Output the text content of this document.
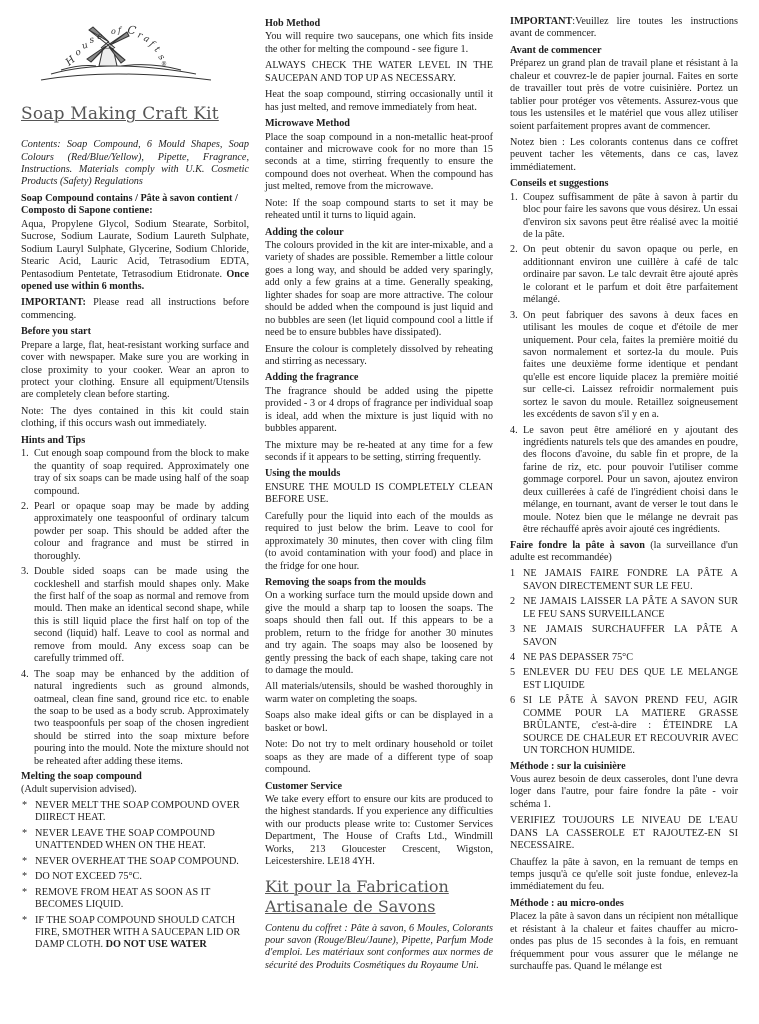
H
o
u s e
o f C
r
a
f
t
s
®
Soap Making Craft Kit

Contents: Soap Compound, 6 Mould Shapes, Soap Colours (Red/Blue/Yellow), Pipette, Fragrance, Instructions. Materials comply with U.K. Cosmetic Products (Safety) Regulations

Soap Compound contains / Pâte à savon contient / Composto di Sapone contiene:

Aqua, Propylene Glycol, Sodium Stearate, Sorbitol, Sucrose, Sodium Laurate, Sodium Laureth Sulphate, Sodium Lauryl Sulphate, Glycerine, Sodium Chloride, Stearic Acid, Lauric Acid, Tetrasodium EDTA, Pentasodium Pentetate, Tetrasodium Etidronate. Once opened use within 6 months.

IMPORTANT: Please read all instructions before commencing.

Before you start

Prepare a large, flat, heat-resistant working surface and cover with newspaper. Make sure you are working in close proximity to your cooker. Wear an apron to protect your clothing. Ensure all equipment/Utensils are completely clean before starting.

Note: The dyes contained in this kit could stain clothing, if this occurs wash out immediately.

Hints and Tips
1. Cut enough soap compound from the block to make the quantity of soap required. Approximately one tray of six soaps can be made using half of the soap compound.
2. Pearl or opaque soap may be made by adding approximately one teaspoonful of ordinary talcum powder per soap. This should be added after the colour and fragrance and must be stirred in thoroughly.
3. Double sided soaps can be made using the cockleshell and starfish mould shapes only. Make the first half of the soap as normal and remove from mould. Then make an identical second shape, while this is still liquid place the first half on top of the second (liquid) half. Leave to cool as normal and remove from mould. Any excess soap can be carefully trimmed off.
4. The soap may be enhanced by the addition of natural ingredients such as ground almonds, oatmeal, clean fine sand, ground rice etc. to enable the soap to be used as a body scrub. Approximately two teaspoonfuls per soap of the chosen ingredient should be stirred into the soap mixture before pouring into the mould. Note the mixture should not be reheated after adding these items.
Melting the soap compound

(Adult supervision advised).

* NEVER MELT THE SOAP COMPOUND OVER DIIRECT HEAT.
* NEVER LEAVE THE SOAP COMPOUND UNATTENDED WHEN ON THE HEAT.
* NEVER OVERHEAT THE SOAP COMPOUND.
* DO NOT EXCEED 75°C.
* REMOVE FROM HEAT AS SOON AS IT BECOMES LIQUID.
* IF THE SOAP COMPOUND SHOULD CATCH FIRE, SMOTHER WITH A SAUCEPAN LID OR DAMP CLOTH. DO NOT USE WATER
Hob Method

You will require two saucepans, one which fits inside the other for melting the compound - see figure 1.

ALWAYS CHECK THE WATER LEVEL IN THE SAUCEPAN AND TOP UP AS NECESSARY.

Heat the soap compound, stirring occasionally until it has just melted, and remove immediately from heat.

Microwave Method

Place the soap compound in a non-metallic heat-proof container and microwave cook for no more than 15 seconds at a time, stirring frequently to ensure the compound does not overheat. When the compound has just melted, remove from the microwave.

Note: If the soap compound starts to set it may be reheated until it turns to liquid again.

Adding the colour

The colours provided in the kit are inter-mixable, and a variety of shades are possible. Remember a little colour goes a long way, and should be added very sparingly, add only a few grains at a time. Generally speaking, lighter shades for soap are more attractive. The colour should be added when the compound is just liquid and no bubbles are seen (let liquid compound cool a little if need be to ensure bubbles have dissipated).

Ensure the colour is completely dissolved by reheating and stirring as necessary.

Adding the fragrance

The fragrance should be added using the pipette provided - 3 or 4 drops of fragrance per individual soap is ideal, add when the mixture is just liquid with no bubbles apparent.

The mixture may be re-heated at any time for a few seconds if it appears to be setting, stirring frequently.

Using the moulds

ENSURE THE MOULD IS COMPLETELY CLEAN BEFORE USE.

Carefully pour the liquid into each of the moulds as required to just below the brim. Leave to cool for approximately 30 minutes, then cover with cling film (to avoid contamination with your food) and place in the fridge for one hour.

Removing the soaps from the moulds

On a working surface turn the mould upside down and give the mould a sharp tap to loosen the soaps. The soaps should then fall out. If this appears to be a problem, return to the fridge for another 30 minutes and try again. The soaps may also be loosened by gently pressing the back of each shape, taking care not to damage the mould.

All materials/utensils, should be washed thoroughly in warm water on completing the soaps.

Soaps also make ideal gifts or can be displayed in a basket or bowl.

Note: Do not try to melt ordinary household or toilet soaps as they are made of a different type of soap compound.

Customer Service

We take every effort to ensure our kits are produced to the highest standards. If you experience any difficulties with our products please write to: Customer Services Department, The House of Crafts Ltd., Windmill Works, 213 Gloucester Crescent, Wigston, Leicestershire. LE18 4YH.

Kit pour la Fabrication Artisanale de Savons

Contenu du coffret : Pâte à savon, 6 Moules, Colorants pour savon (Rouge/Bleu/Jaune), Pipette, Parfum Mode d'emploi. Les matériaux sont conformes aux normes de sécurité des Produits Cosmétiques du Royaume Uni.

IMPORTANT:Veuillez lire toutes les instructions avant de commencer.

Avant de commencer

Préparez un grand plan de travail plane et résistant à la chaleur et couvrez-le de papier journal. Faites en sorte de travailler tout près de votre cuisinière. Portez un tablier pour protéger vos vêtements. Assurez-vous que tous les ustensiles et le matériel que vous allez utiliser soient parfaitement propres avant de commencer.

Notez bien : Les colorants contenus dans ce coffret peuvent tacher les vêtements, dans ce cas, lavez immédiatement.

Conseils et suggestions
1. Coupez suffisamment de pâte à savon à partir du bloc pour faire les savons que vous désirez. Un essai d'environ six savons peut être réalisé avec la moitié de la pâte.
2. On peut obtenir du savon opaque ou perle, en additionnant environ une cuillère à café de talc ordinaire par savon. Le talc devrait être ajouté après le colorant et le parfum et doit être parfaitement mélangé.
3. On peut fabriquer des savons à deux faces en utilisant les moules de coque et d'étoile de mer uniquement. Pour cela, faites la première moitié du savon normalement et sortez-la du moule. Puis faites une deuxième forme identique et pendant qu'elle est encore liquide placez la première moitié sur celle-ci. Laissez refroidir normalement puis sortez le savon du moule. Retaillez soigneusement les excédents de savon s'il y en a.
4. Le savon peut être amélioré en y ajoutant des ingrédients naturels tels que des amandes en poudre, des flocons d'avoine, du sable fin et propre, de la farine de riz, etc. pour pouvoir l'utiliser comme gommage corporel. Pour un savon, ajoutez environ deux cuillerées à café de l'ingrédient choisi dans le mélange, en tournant, avant de verser le tout dans le moule. Notez bien que le mélange ne devrait pas être réchauffé après avoir ajouté ces ingrédients.

Faire fondre la pâte à savon (la surveillance d'un adulte est recommandée)

1 NE JAMAIS FAIRE FONDRE LA PÂTE A SAVON DIRECTEMENT SUR LE FEU.
2 NE JAMAIS LAISSER LA PÂTE A SAVON SUR LE FEU SANS SURVEILLANCE
3 NE JAMAIS SURCHAUFFER LA PÂTE A SAVON
4 NE PAS DEPASSER 75°C
5 ENLEVER DU FEU DES QUE LE MELANGE EST LIQUIDE
6 SI LE PÂTE À SAVON PREND FEU, AGIR COMME POUR LA MATIERE GRASSE BRÛLANTE, c'est-à-dire : ÉTEINDRE LA SOURCE DE CHALEUR ET RECOUVRIR AVEC UN TORCHON HUMIDE.
Méthode : sur la cuisinière

Vous aurez besoin de deux casseroles, dont l'une devra loger dans l'autre, pour faire fondre la pâte - voir schéma 1.

VERIFIEZ TOUJOURS LE NIVEAU DE L'EAU DANS LA CASSEROLE ET RAJOUTEZ-EN SI NECESSAIRE.

Chauffez la pâte à savon, en la remuant de temps en temps jusqu'à ce qu'elle soit juste fondue, enlevez-la immédiatement du feu.

Méthode : au micro-ondes

Placez la pâte à savon dans un récipient non métallique et résistant à la chaleur et faites chauffer au micro-ondes pas plus de 15 secondes à la fois, en remuant fréquemment pour vous assurer que le mélange ne surchauffe pas. Quand le mélange est
